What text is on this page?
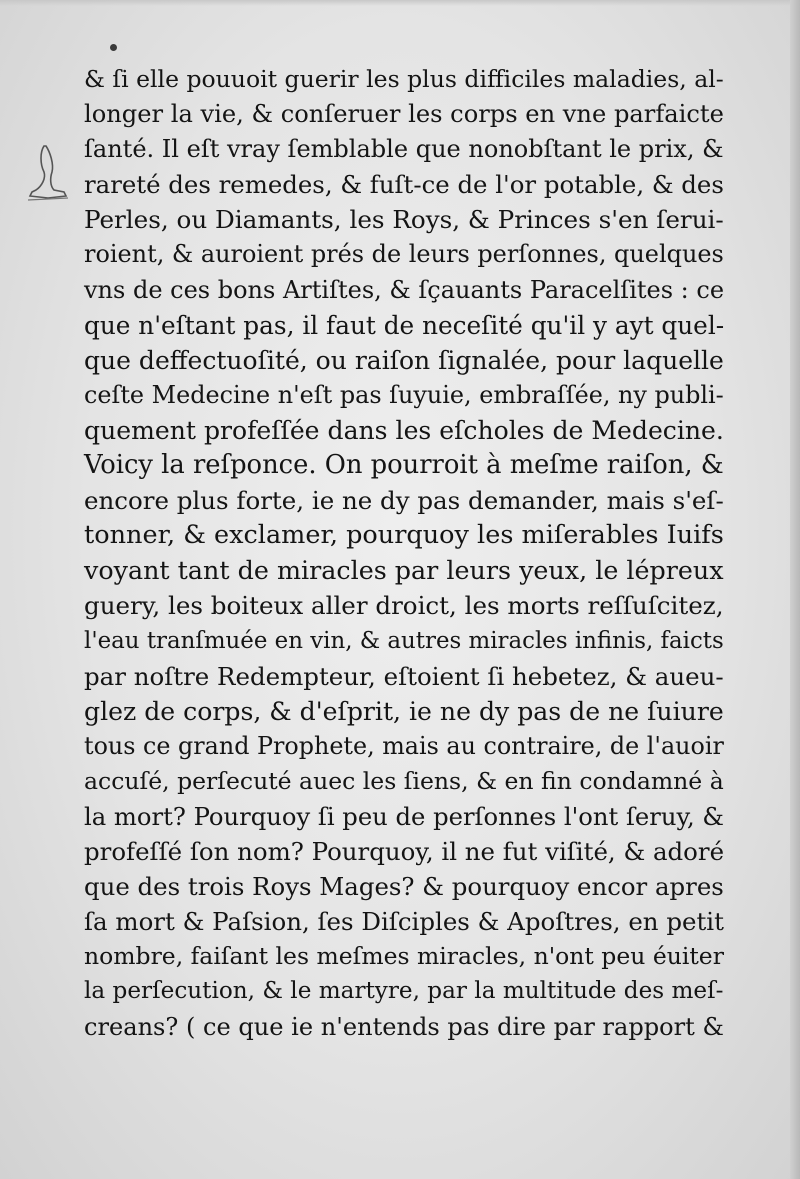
& ſi elle pouuoit guerir les plus difficiles maladies, al-
longer la vie, & conſeruer les corps en vne parfaicte
ſanté. Il eſt vray ſemblable que nonobſtant le prix, &
rareté des remedes, & fuſt-ce de l'or potable, & des
Perles, ou Diamants, les Roys, & Princes s'en ſerui-
roient, & auroient prés de leurs perſonnes, quelques
vns de ces bons Artiſtes, & ſçauants Paracelſites : ce
que n'eſtant pas, il faut de neceſité qu'il y ayt quel-
que deffectuoſité, ou raiſon ſignalée, pour laquelle
ceſte Medecine n'eſt pas ſuyuie, embraſſée, ny publi-
quement profeſſée dans les eſcholes de Medecine.
Voicy la reſponce. On pourroit à meſme raiſon, &
encore plus forte, ie ne dy pas demander, mais s'eſ-
tonner, & exclamer, pourquoy les miſerables Iuifs
voyant tant de miracles par leurs yeux, le lépreux
guery, les boiteux aller droict, les morts reſſuſcitez,
l'eau tranſmuée en vin, & autres miracles infinis, faicts
par noſtre Redempteur, eſtoient ſi hebetez, & aueu-
glez de corps, & d'eſprit, ie ne dy pas de ne ſuiure
tous ce grand Prophete, mais au contraire, de l'auoir
accuſé, perſecuté auec les ſiens, & en fin condamné à
la mort? Pourquoy ſi peu de perſonnes l'ont ſeruy, &
profeſſé ſon nom? Pourquoy, il ne fut viſité, & adoré
que des trois Roys Mages? & pourquoy encor apres
ſa mort & Paſsion, ſes Diſciples & Apoſtres, en petit
nombre, faiſant les meſmes miracles, n'ont peu éuiter
la perſecution, & le martyre, par la multitude des meſ-
creans? ( ce que ie n'entends pas dire par rapport &
